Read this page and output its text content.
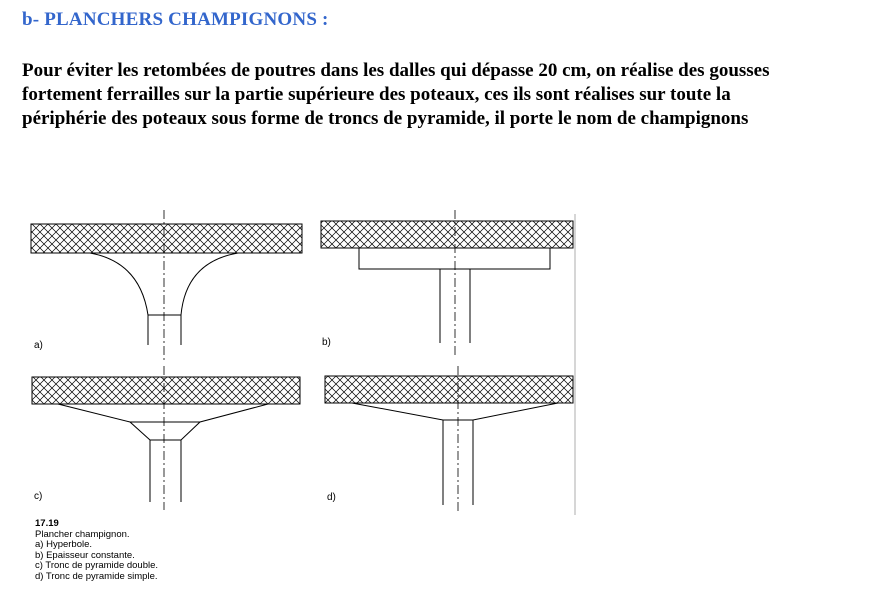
b- PLANCHERS CHAMPIGNONS :
Pour éviter les retombées de poutres dans les dalles qui dépasse 20 cm, on réalise des gousses
fortement ferrailles sur la partie supérieure des poteaux, ces ils sont réalises sur toute la
périphérie des poteaux sous forme de troncs de pyramide, il porte le nom de champignons
a)	b)
c)	d)
17.19
Plancher champignon.
a) Hyperbole.
b) Epaisseur constante.
c) Tronc de pyramide double.
d) Tronc de pyramide simple.
